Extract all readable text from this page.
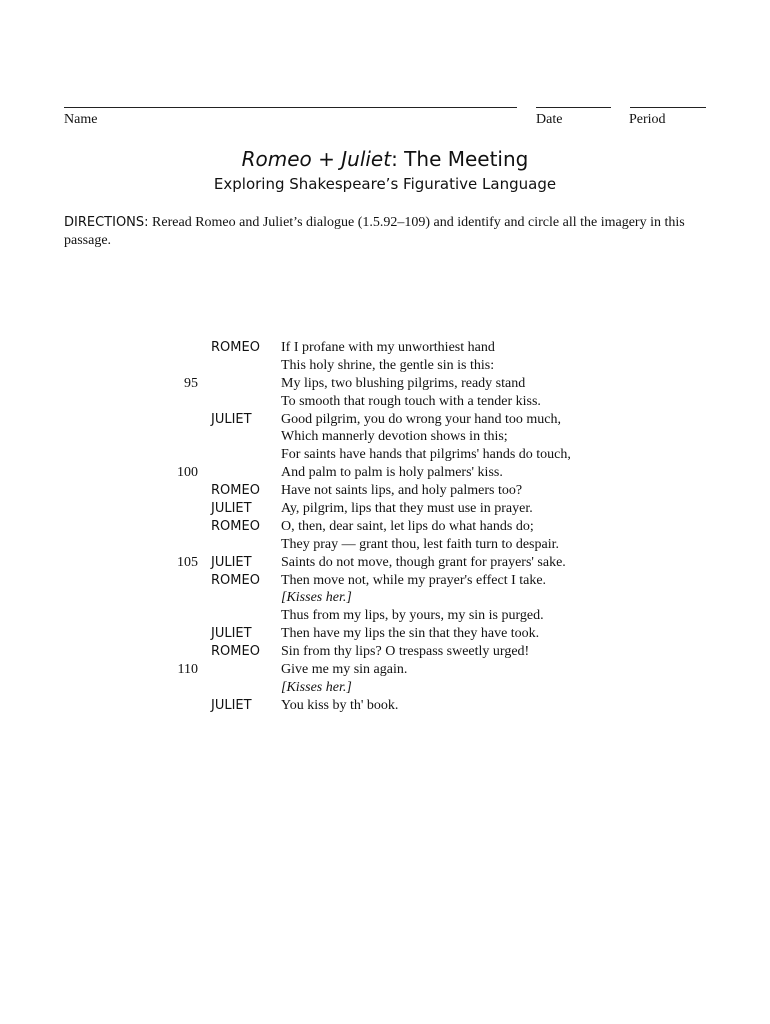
Name	Date	Period
Romeo + Juliet: The Meeting
Exploring Shakespeare’s Figurative Language
DIRECTIONS: Reread Romeo and Juliet’s dialogue (1.5.92–109) and identify and circle all the imagery in this passage.
ROMEO If I profane with my unworthiest hand
This holy shrine, the gentle sin is this:
95	My lips, two blushing pilgrims, ready stand
To smooth that rough touch with a tender kiss.
JULIET Good pilgrim, you do wrong your hand too much,
Which mannerly devotion shows in this;
For saints have hands that pilgrims' hands do touch,
100	And palm to palm is holy palmers' kiss.
ROMEO Have not saints lips, and holy palmers too?
JULIET Ay, pilgrim, lips that they must use in prayer.
ROMEO O, then, dear saint, let lips do what hands do;
They pray — grant thou, lest faith turn to despair.
105 JULIET Saints do not move, though grant for prayers' sake.
ROMEO Then move not, while my prayer's effect I take.
[Kisses her.]
Thus from my lips, by yours, my sin is purged.
JULIET Then have my lips the sin that they have took.
ROMEO Sin from thy lips? O trespass sweetly urged!
110	Give me my sin again.
[Kisses her.]
JULIET You kiss by th' book.
